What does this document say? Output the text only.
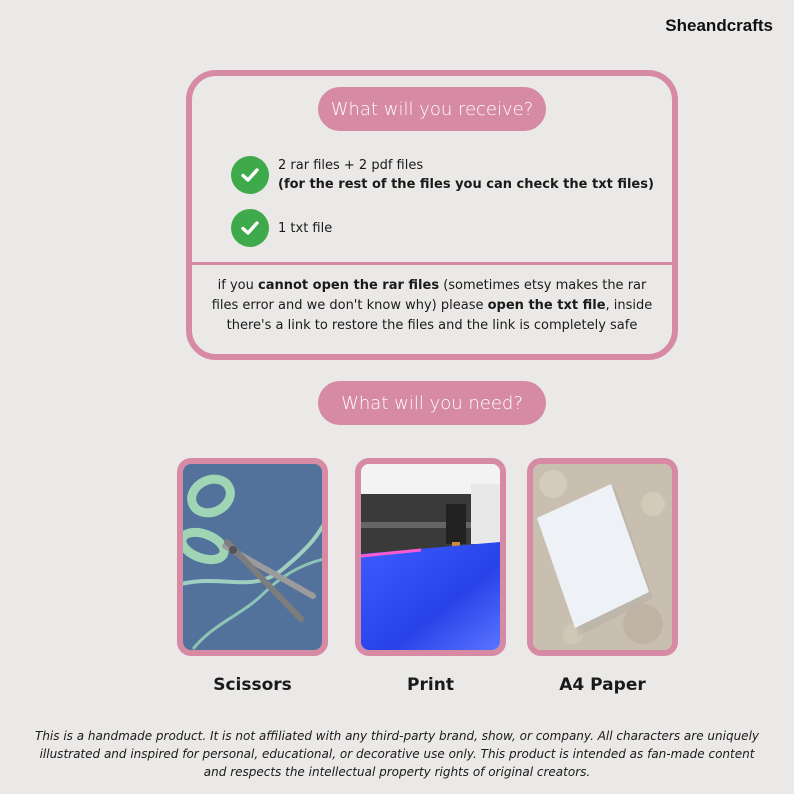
Sheandcrafts
What will you receive?
2 rar files + 2 pdf files
(for the rest of the files you can check the txt files)
1 txt file
if you cannot open the rar files (sometimes etsy makes the rar files error and we don't know why) please open the txt file, inside there's a link to restore the files and the link is completely safe
What will you need?
Scissors	Print	A4 Paper
This is a handmade product. It is not affiliated with any third-party brand, show, or company. All characters are uniquely illustrated and inspired for personal, educational, or decorative use only. This product is intended as fan-made content and respects the intellectual property rights of original creators.
